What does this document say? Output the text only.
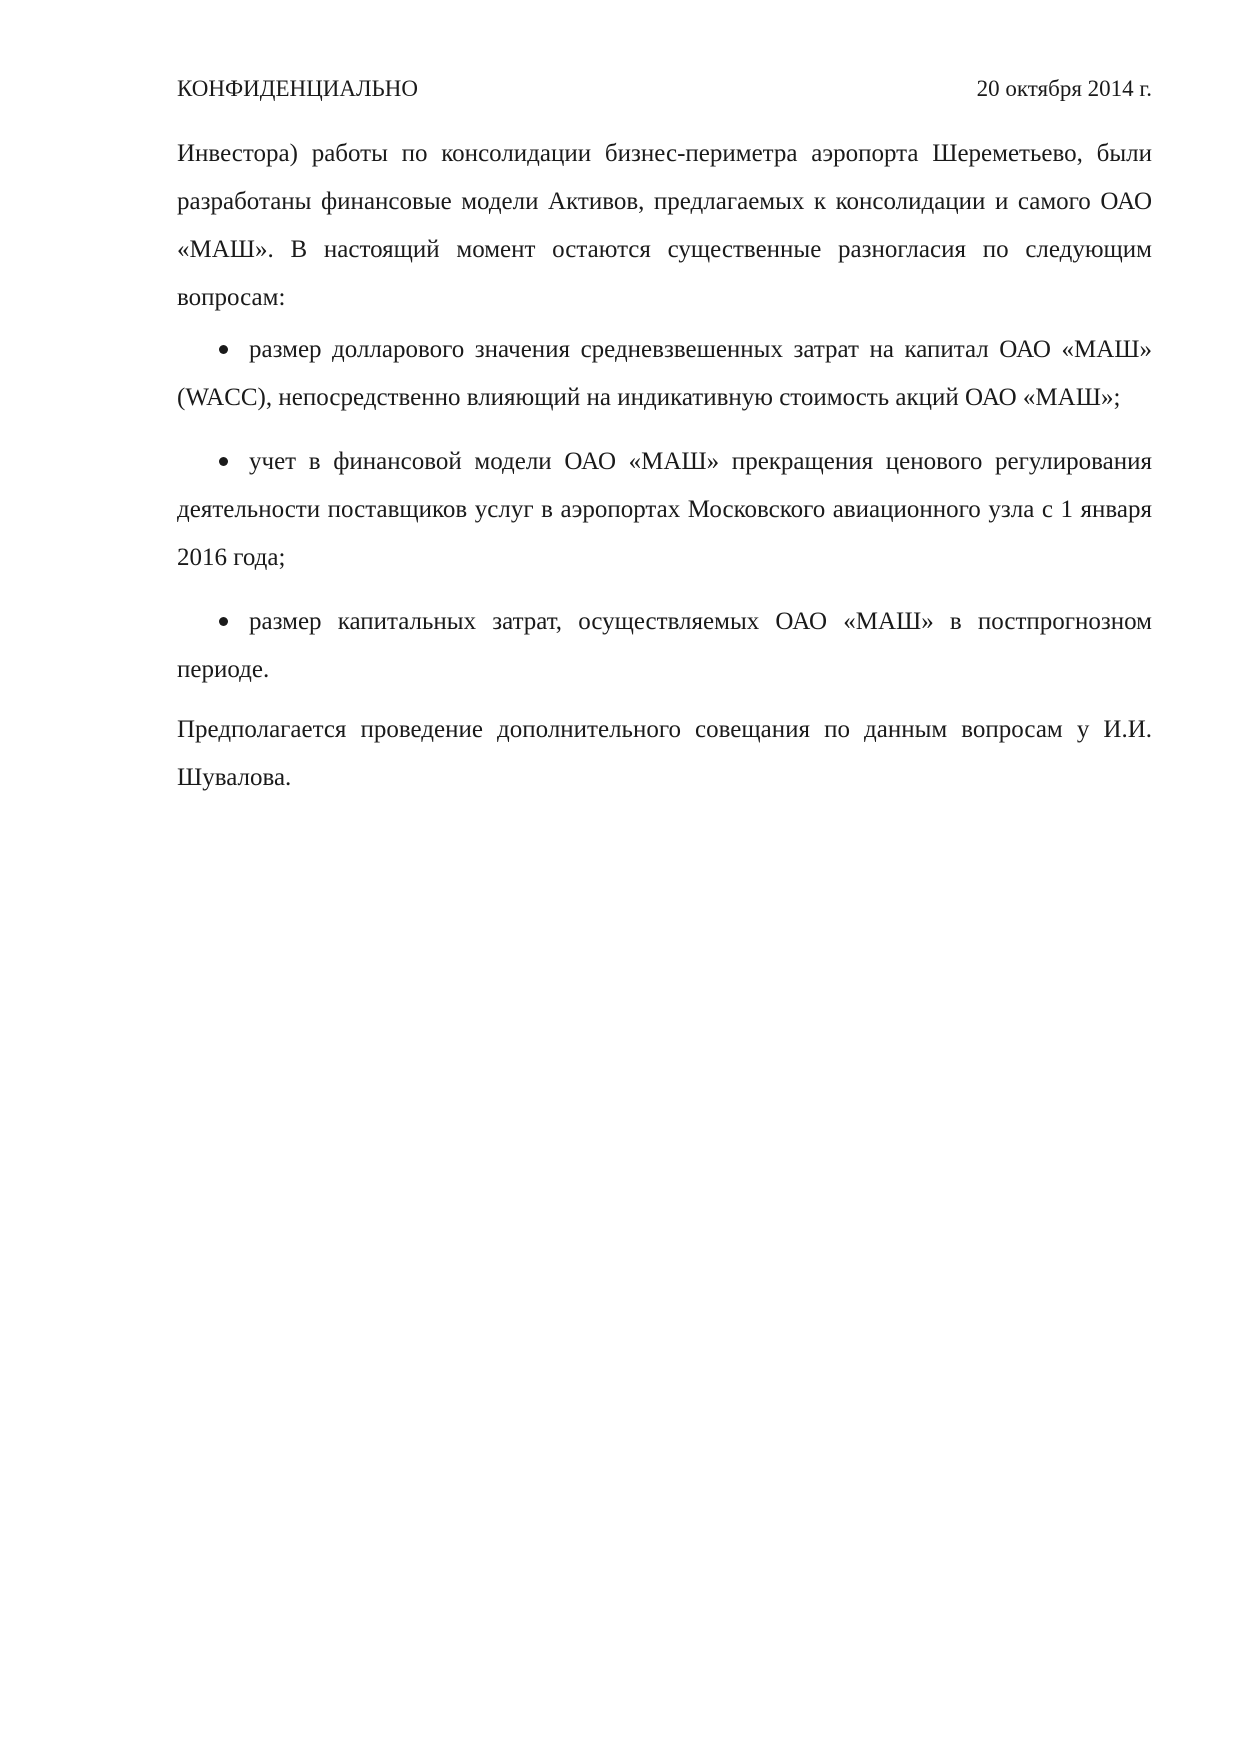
КОНФИДЕНЦИАЛЬНО	20 октября 2014 г.

Инвестора) работы по консолидации бизнес-периметра аэропорта Шереметьево, были разработаны финансовые модели Активов, предлагаемых к консолидации и самого ОАО «МАШ». В настоящий момент остаются существенные разногласия по следующим вопросам:

размер долларового значения средневзвешенных затрат на капитал ОАО «МАШ» (WACC), непосредственно влияющий на индикативную стоимость акций ОАО «МАШ»;
учет в финансовой модели ОАО «МАШ» прекращения ценового регулирования деятельности поставщиков услуг в аэропортах Московского авиационного узла с 1 января 2016 года;
размер капитальных затрат, осуществляемых ОАО «МАШ» в постпрогнозном периоде.

Предполагается проведение дополнительного совещания по данным вопросам у И.И. Шувалова.
